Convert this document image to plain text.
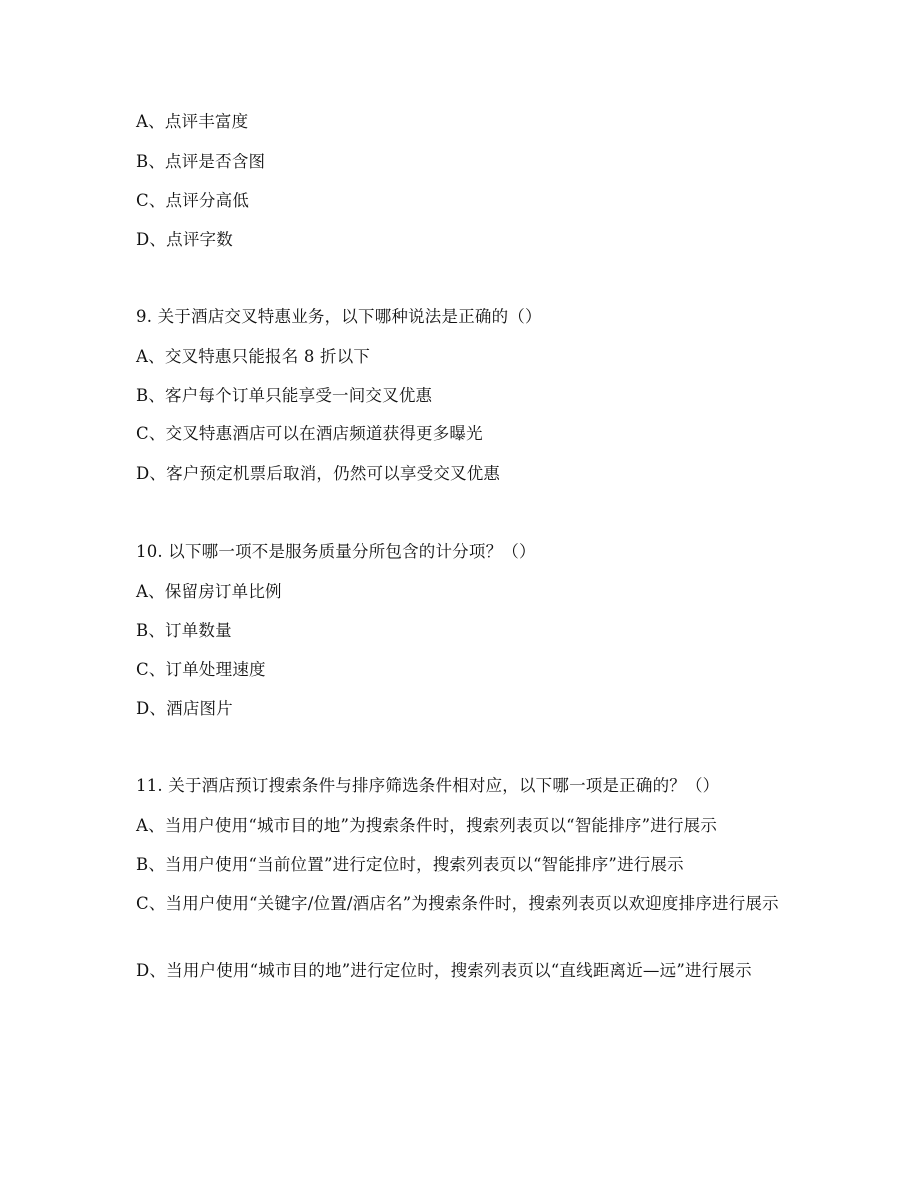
A、点评丰富度
B、点评是否含图
C、点评分高低
D、点评字数
9. 关于酒店交叉特惠业务，以下哪种说法是正确的（）
A、交叉特惠只能报名 8 折以下
B、客户每个订单只能享受一间交叉优惠
C、交叉特惠酒店可以在酒店频道获得更多曝光
D、客户预定机票后取消，仍然可以享受交叉优惠
10. 以下哪一项不是服务质量分所包含的计分项？（）
A、保留房订单比例
B、订单数量
C、订单处理速度
D、酒店图片
11. 关于酒店预订搜索条件与排序筛选条件相对应，以下哪一项是正确的？（）
A、当用户使用“城市目的地”为搜索条件时，搜索列表页以“智能排序”进行展示
B、当用户使用“当前位置”进行定位时，搜索列表页以“智能排序”进行展示
C、当用户使用“关键字/位置/酒店名”为搜索条件时，搜索列表页以欢迎度排序进行展示
D、当用户使用“城市目的地”进行定位时，搜索列表页以“直线距离近—远”进行展示
